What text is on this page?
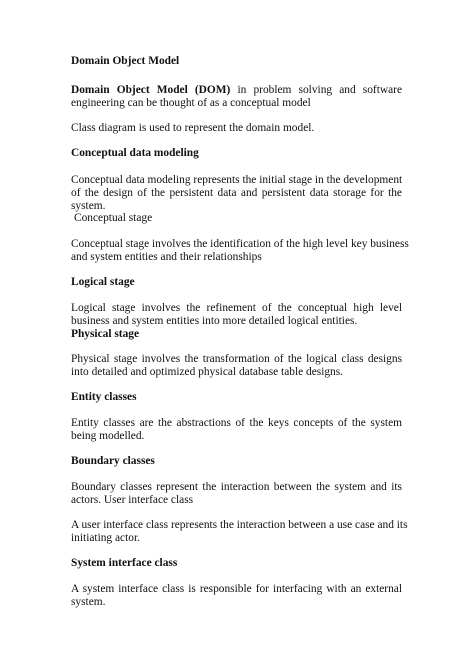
Domain Object Model
Domain Object Model (DOM) in problem solving and software
engineering can be thought of as a conceptual model
Class diagram is used to represent the domain model.
Conceptual data modeling
Conceptual data modeling represents the initial stage in the development
of the design of the persistent data and persistent data storage for the
system.
Conceptual stage
Conceptual stage involves the identification of the high level key business
and system entities and their relationships
Logical stage
Logical stage involves the refinement of the conceptual high level
business and system entities into more detailed logical entities.
Physical stage
Physical stage involves the transformation of the logical class designs
into detailed and optimized physical database table designs.
Entity classes
Entity classes are the abstractions of the keys concepts of the system
being modelled.
Boundary classes
Boundary classes represent the interaction between the system and its
actors. User interface class
A user interface class represents the interaction between a use case and its
initiating actor.
System interface class
A system interface class is responsible for interfacing with an external
system.
